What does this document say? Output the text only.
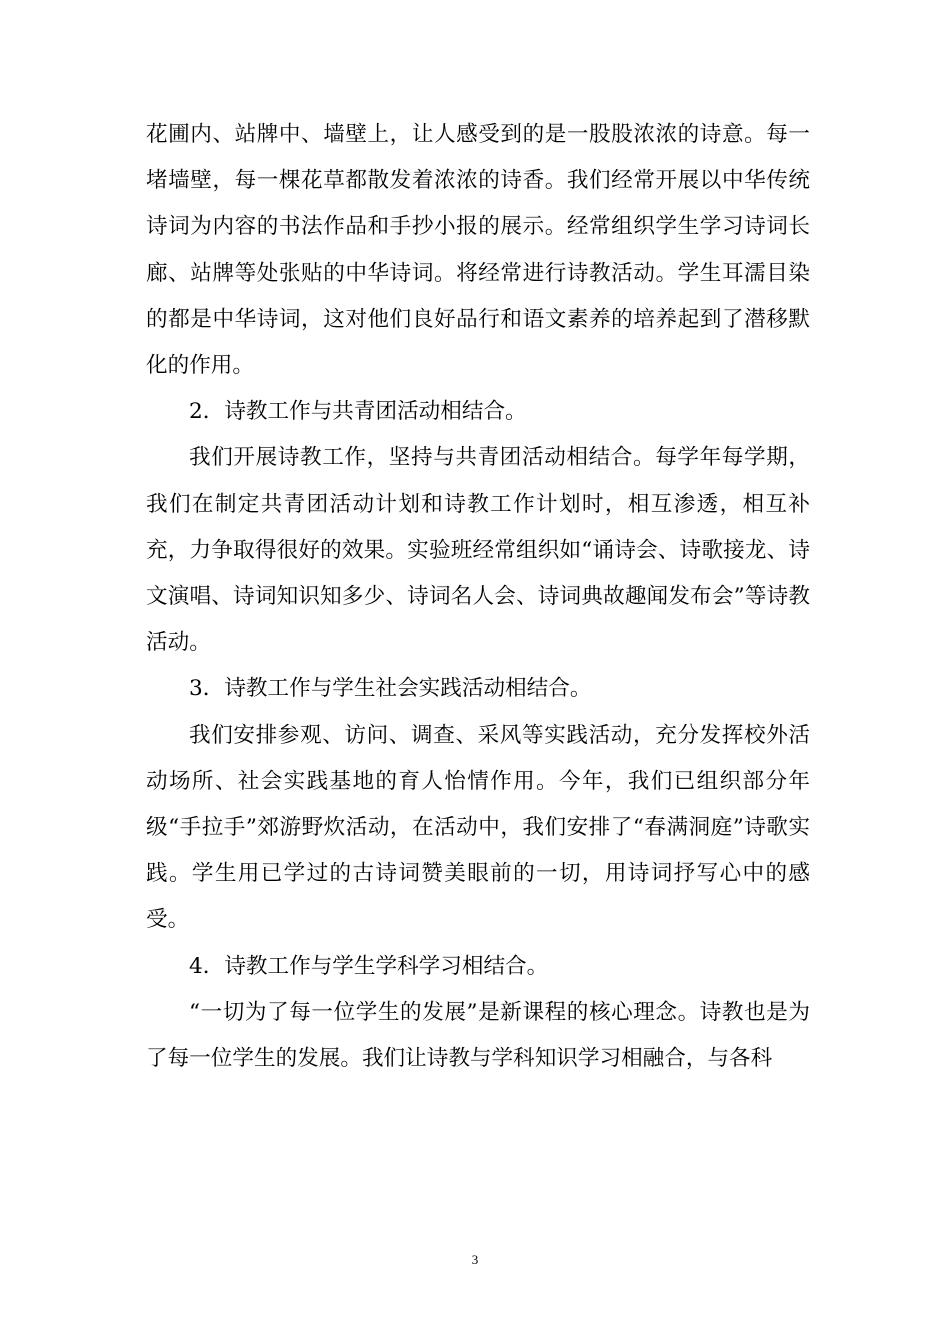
花圃内、站牌中、墙壁上，让人感受到的是一股股浓浓的诗意。每一堵墙壁，每一棵花草都散发着浓浓的诗香。我们经常开展以中华传统诗词为内容的书法作品和手抄小报的展示。经常组织学生学习诗词长廊、站牌等处张贴的中华诗词。将经常进行诗教活动。学生耳濡目染的都是中华诗词，这对他们良好品行和语文素养的培养起到了潜移默化的作用。

2．诗教工作与共青团活动相结合。

我们开展诗教工作，坚持与共青团活动相结合。每学年每学期，我们在制定共青团活动计划和诗教工作计划时，相互渗透，相互补充，力争取得很好的效果。实验班经常组织如“诵诗会、诗歌接龙、诗文演唱、诗词知识知多少、诗词名人会、诗词典故趣闻发布会”等诗教活动。

3．诗教工作与学生社会实践活动相结合。

我们安排参观、访问、调查、采风等实践活动，充分发挥校外活动场所、社会实践基地的育人怡情作用。今年，我们已组织部分年级“手拉手”郊游野炊活动，在活动中，我们安排了“春满洞庭”诗歌实践。学生用已学过的古诗词赞美眼前的一切，用诗词抒写心中的感受。

4．诗教工作与学生学科学习相结合。

“一切为了每一位学生的发展”是新课程的核心理念。诗教也是为了每一位学生的发展。我们让诗教与学科知识学习相融合，与各科

3
